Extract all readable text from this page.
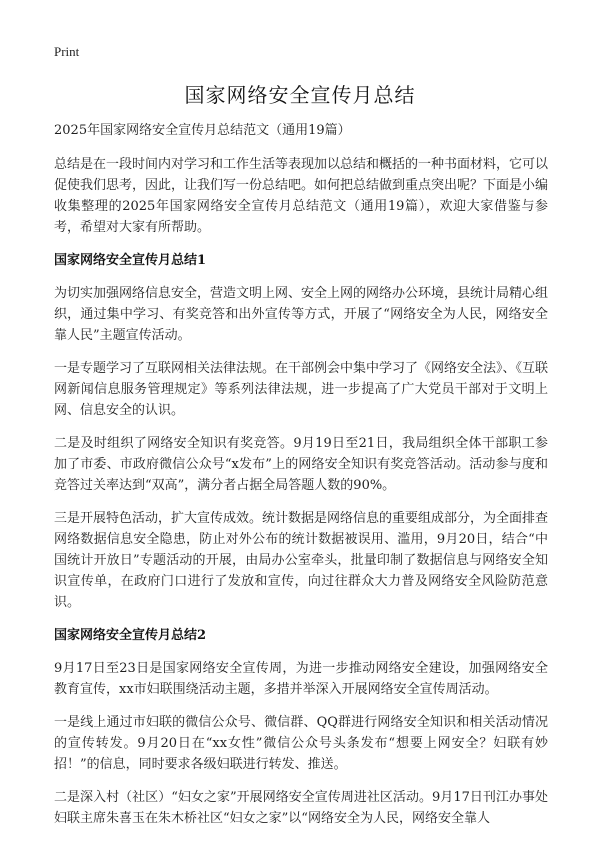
Print
国家网络安全宣传月总结

2025年国家网络安全宣传月总结范文（通用19篇）

总结是在一段时间内对学习和工作生活等表现加以总结和概括的一种书面材料，它可以促使我们思考，因此，让我们写一份总结吧。如何把总结做到重点突出呢？下面是小编收集整理的2025年国家网络安全宣传月总结范文（通用19篇），欢迎大家借鉴与参考，希望对大家有所帮助。

国家网络安全宣传月总结1

为切实加强网络信息安全，营造文明上网、安全上网的网络办公环境，县统计局精心组织，通过集中学习、有奖竞答和出外宣传等方式，开展了“网络安全为人民，网络安全靠人民”主题宣传活动。

一是专题学习了互联网相关法律法规。在干部例会中集中学习了《网络安全法》、《互联网新闻信息服务管理规定》等系列法律法规，进一步提高了广大党员干部对于文明上网、信息安全的认识。

二是及时组织了网络安全知识有奖竞答。9月19日至21日，我局组织全体干部职工参加了市委、市政府微信公众号“x发布”上的网络安全知识有奖竞答活动。活动参与度和竞答过关率达到“双高”，满分者占据全局答题人数的90%。

三是开展特色活动，扩大宣传成效。统计数据是网络信息的重要组成部分，为全面排查网络数据信息安全隐患，防止对外公布的统计数据被误用、滥用，9月20日，结合“中国统计开放日”专题活动的开展，由局办公室牵头，批量印制了数据信息与网络安全知识宣传单，在政府门口进行了发放和宣传，向过往群众大力普及网络安全风险防范意识。

国家网络安全宣传月总结2

9月17日至23日是国家网络安全宣传周，为进一步推动网络安全建设，加强网络安全教育宣传，xx市妇联围绕活动主题，多措并举深入开展网络安全宣传周活动。

一是线上通过市妇联的微信公众号、微信群、QQ群进行网络安全知识和相关活动情况的宣传转发。9月20日在“xx女性”微信公众号头条发布“想要上网安全？妇联有妙招！”的信息，同时要求各级妇联进行转发、推送。

二是深入村（社区）“妇女之家”开展网络安全宣传周进社区活动。9月17日刊江办事处妇联主席朱喜玉在朱木桥社区“妇女之家”以“网络安全为人民，网络安全靠人
